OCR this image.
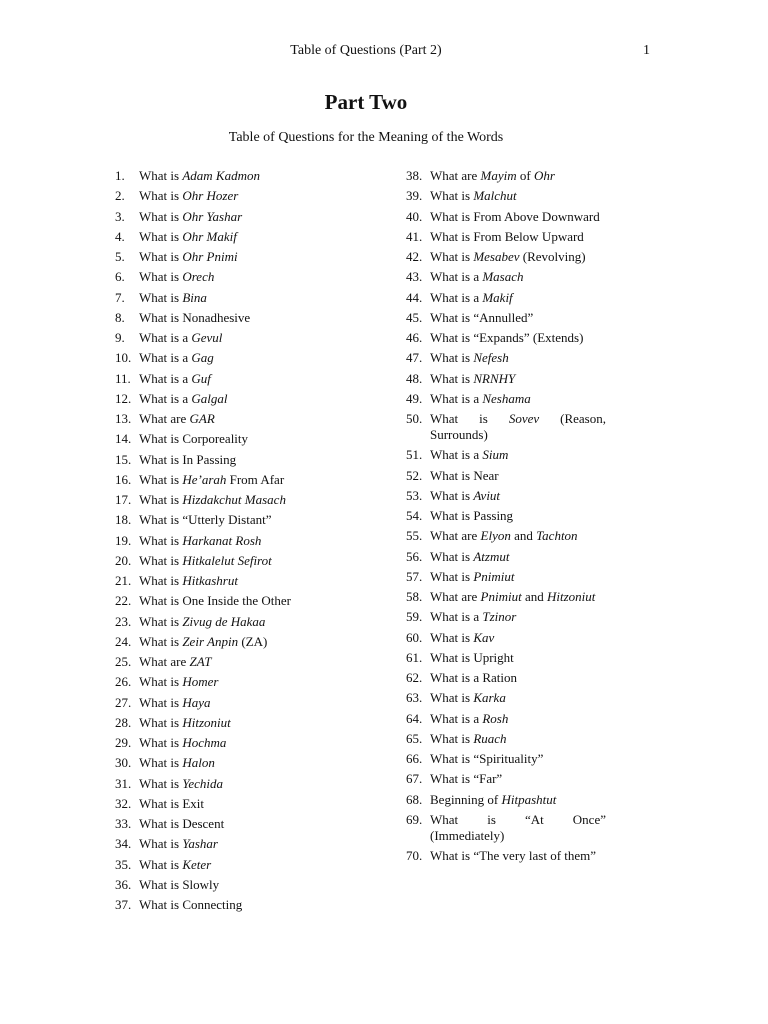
Table of Questions (Part 2)	1
Part Two
Table of Questions for the Meaning of the Words
1.	What is Adam Kadmon
2.	What is Ohr Hozer
3.	What is Ohr Yashar
4.	What is Ohr Makif
5.	What is Ohr Pnimi
6.	What is Orech
7.	What is Bina
8.	What is Nonadhesive
9.	What is a Gevul
10. What is a Gag
11. What is a Guf
12. What is a Galgal
13. What are GAR
14. What is Corporeality
15. What is In Passing
16. What is He’arah From Afar
17. What is Hizdakchut Masach
18. What is “Utterly Distant”
19. What is Harkanat Rosh
20. What is Hitkalelut Sefirot
21. What is Hitkashrut
22. What is One Inside the Other
23. What is Zivug de Hakaa
24. What is Zeir Anpin (ZA)
25. What are ZAT
26. What is Homer
27. What is Haya
28. What is Hitzoniut
29. What is Hochma
30. What is Halon
31. What is Yechida
32. What is Exit
33. What is Descent
34. What is Yashar
35. What is Keter
36. What is Slowly
37. What is Connecting
38. What are Mayim of Ohr
39. What is Malchut
40. What is From Above Downward
41. What is From Below Upward
42. What is Mesabev (Revolving)
43. What is a Masach
44. What is a Makif
45. What is “Annulled”
46. What is “Expands” (Extends)
47. What is Nefesh
48. What is NRNHY
49. What is a Neshama
50. What is Sovev (Reason, Surrounds)
51. What is a Sium
52. What is Near
53. What is Aviut
54. What is Passing
55. What are Elyon and Tachton
56. What is Atzmut
57. What is Pnimiut
58. What are Pnimiut and Hitzoniut
59. What is a Tzinor
60. What is Kav
61. What is Upright
62. What is a Ration
63. What is Karka
64. What is a Rosh
65. What is Ruach
66. What is “Spirituality”
67. What is “Far”
68. Beginning of Hitpashtut
69. What is “At Once” (Immediately)
70. What is “The very last of them”
